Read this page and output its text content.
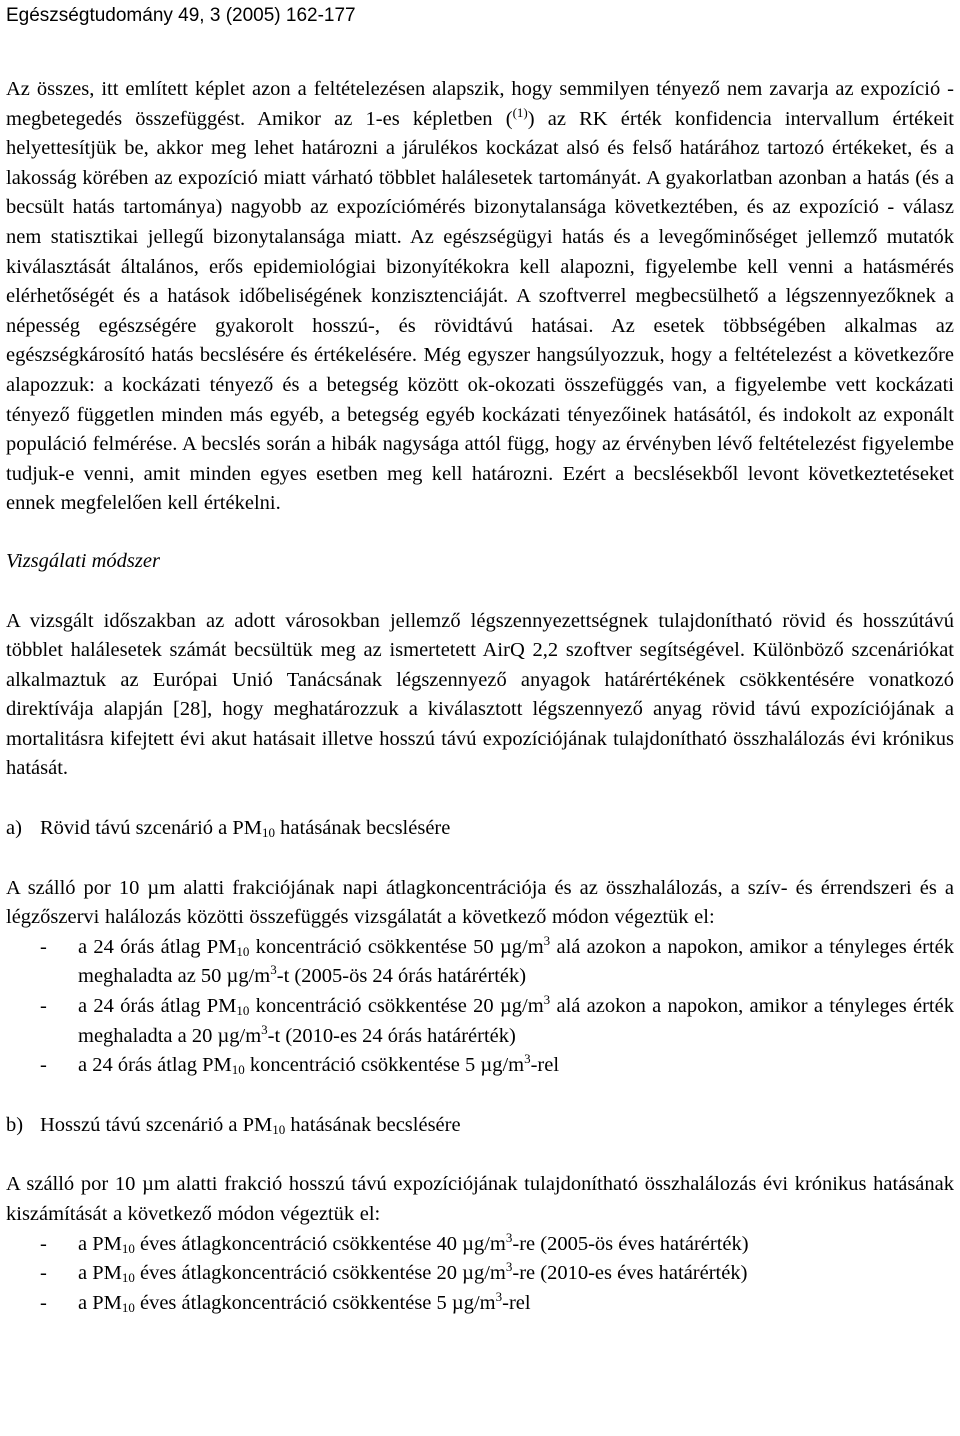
Egészségtudomány 49, 3 (2005) 162-177

Az összes, itt említett képlet azon a feltételezésen alapszik, hogy semmilyen tényező nem zavarja az expozíció - megbetegedés összefüggést. Amikor az 1-es képletben ($^{(1)}$) az RK érték konfidencia intervallum értékeit helyettesítjük be, akkor meg lehet határozni a járulékos kockázat alsó és felső határához tartozó értékeket, és a lakosság körében az expozíció miatt várható többlet halálesetek tartományát. A gyakorlatban azonban a hatás (és a becsült hatás tartománya) nagyobb az expozíciómérés bizonytalansága következtében, és az expozíció - válasz nem statisztikai jellegű bizonytalansága miatt. Az egészségügyi hatás és a levegőminőséget jellemző mutatók kiválasztását általános, erős epidemiológiai bizonyítékokra kell alapozni, figyelembe kell venni a hatásmérés elérhetőségét és a hatások időbeliségének konzisztenciáját. A szoftverrel megbecsülhető a légszennyezőknek a népesség egészségére gyakorolt hosszú-, és rövidtávú hatásai. Az esetek többségében alkalmas az egészségkárosító hatás becslésére és értékelésére. Még egyszer hangsúlyozzuk, hogy a feltételezést a következőre alapozzuk: a kockázati tényező és a betegség között ok-okozati összefüggés van, a figyelembe vett kockázati tényező független minden más egyéb, a betegség egyéb kockázati tényezőinek hatásától, és indokolt az exponált populáció felmérése. A becslés során a hibák nagysága attól függ, hogy az érvényben lévő feltételezést figyelembe tudjuk-e venni, amit minden egyes esetben meg kell határozni. Ezért a becslésekből levont következtetéseket ennek megfelelően kell értékelni.

Vizsgálati módszer

A vizsgált időszakban az adott városokban jellemző légszennyezettségnek tulajdonítható rövid és hosszútávú többlet halálesetek számát becsültük meg az ismertetett AirQ 2,2 szoftver segítségével. Különböző szcenáriókat alkalmaztuk az Európai Unió Tanácsának légszennyező anyagok határértékének csökkentésére vonatkozó direktívája alapján [28], hogy meghatározzuk a kiválasztott légszennyező anyag rövid távú expozíciójának a mortalitásra kifejtett évi akut hatásait illetve hosszú távú expozíciójának tulajdonítható összhalálozás évi krónikus hatását.

a) Rövid távú szcenárió a $PM_{10}$ hatásának becslésére

A szálló por 10 µm alatti frakciójának napi átlagkoncentrációja és az összhalálozás, a szív- és érrendszeri és a légzőszervi halálozás közötti összefüggés vizsgálatát a következő módon végeztük el:

- a 24 órás átlag $PM_{10}$ koncentráció csökkentése 50 $\mu g/m^3$ alá azokon a napokon, amikor a tényleges érték meghaladta az 50 $\mu g/m^3-t$ (2005-ös 24 órás határérték)
- a 24 órás átlag $PM_{10}$ koncentráció csökkentése 20 $\mu g/m^3$ alá azokon a napokon, amikor a tényleges érték meghaladta a 20 $\mu g/m^3-t$ (2010-es 24 órás határérték)
- a 24 órás átlag $PM_{10}$ koncentráció csökkentése 5 $\mu g/m^3$-rel

b) Hosszú távú szcenárió a $PM_{10}$ hatásának becslésére

A szálló por 10 µm alatti frakció hosszú távú expozíciójának tulajdonítható összhalálozás évi krónikus hatásának kiszámítását a következő módon végeztük el:

- a $PM_{10}$ éves átlagkoncentráció csökkentése 40 $\mu g/m^3-re$ (2005-ös éves határérték)
- a $PM_{10}$ éves átlagkoncentráció csökkentése 20 $\mu g/m^3-re$ (2010-es éves határérték)
- a $PM_{10}$ éves átlagkoncentráció csökkentése 5 $\mu g/m^3$-rel
